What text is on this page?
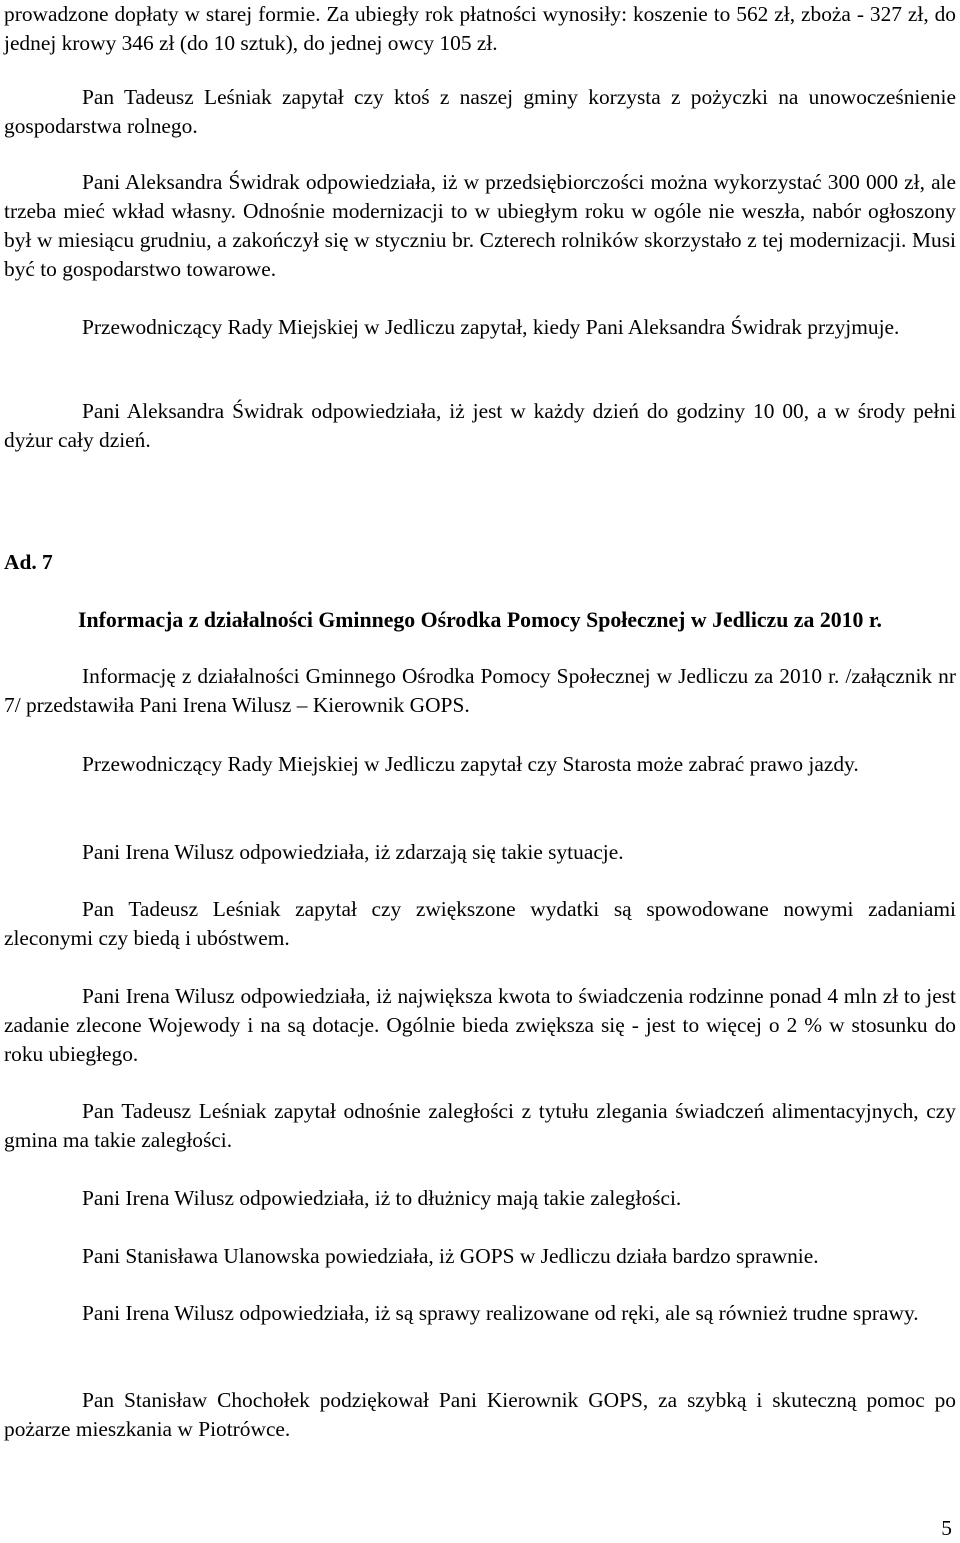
prowadzone dopłaty w starej formie. Za ubiegły rok płatności wynosiły: koszenie to 562 zł, zboża - 327 zł, do jednej krowy 346 zł (do 10 sztuk), do jednej owcy 105 zł.

Pan Tadeusz Leśniak zapytał czy ktoś z naszej gminy korzysta z pożyczki na unowocześnienie gospodarstwa rolnego.

Pani Aleksandra Świdrak odpowiedziała, iż w przedsiębiorczości można wykorzystać 300 000 zł, ale trzeba mieć wkład własny. Odnośnie modernizacji to w ubiegłym roku w ogóle nie weszła, nabór ogłoszony był w miesiącu grudniu, a zakończył się w styczniu br. Czterech rolników skorzystało z tej modernizacji. Musi być to gospodarstwo towarowe.

Przewodniczący Rady Miejskiej w Jedliczu zapytał, kiedy Pani Aleksandra Świdrak przyjmuje.

Pani Aleksandra Świdrak odpowiedziała, iż jest w każdy dzień do godziny 10 00, a w środy pełni dyżur cały dzień.

Ad. 7
Informacja z działalności Gminnego Ośrodka Pomocy Społecznej w Jedliczu za 2010 r.

Informację z działalności Gminnego Ośrodka Pomocy Społecznej w Jedliczu za 2010 r. /załącznik nr 7/ przedstawiła Pani Irena Wilusz – Kierownik GOPS.

Przewodniczący Rady Miejskiej w Jedliczu zapytał czy Starosta może zabrać prawo jazdy.

Pani Irena Wilusz odpowiedziała, iż zdarzają się takie sytuacje.

Pan Tadeusz Leśniak zapytał czy zwiększone wydatki są spowodowane nowymi zadaniami zleconymi czy biedą i ubóstwem.

Pani Irena Wilusz odpowiedziała, iż największa kwota to świadczenia rodzinne ponad 4 mln zł to jest zadanie zlecone Wojewody i na są dotacje. Ogólnie bieda zwiększa się - jest to więcej o 2 % w stosunku do roku ubiegłego.

Pan Tadeusz Leśniak zapytał odnośnie zaległości z tytułu zlegania świadczeń alimentacyjnych, czy gmina ma takie zaległości.

Pani Irena Wilusz odpowiedziała, iż to dłużnicy mają takie zaległości.

Pani Stanisława Ulanowska powiedziała, iż GOPS w Jedliczu działa bardzo sprawnie.

Pani Irena Wilusz odpowiedziała, iż są sprawy realizowane od ręki, ale są również trudne sprawy.

Pan Stanisław Chochołek podziękował Pani Kierownik GOPS, za szybką i skuteczną pomoc po pożarze mieszkania w Piotrówce.

5
